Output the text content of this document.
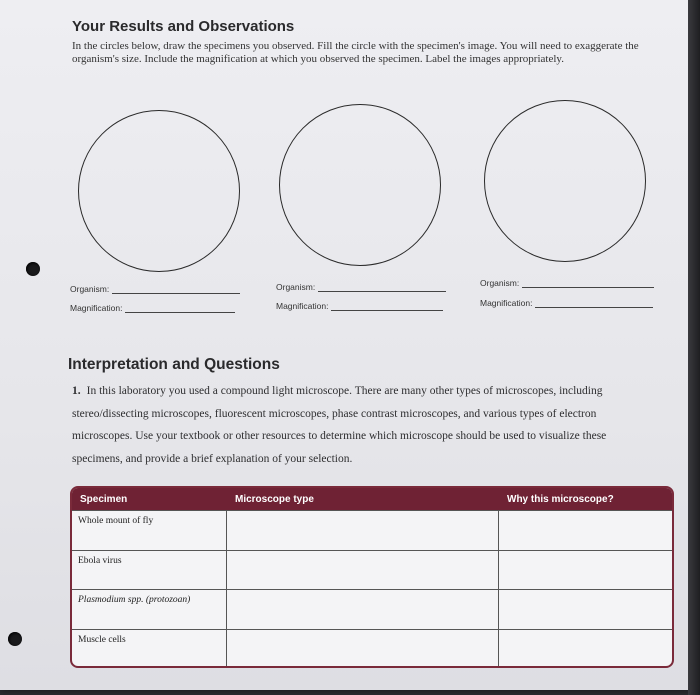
Your Results and Observations
In the circles below, draw the specimens you observed. Fill the circle with the specimen's image. You will need to exaggerate the organism's size. Include the magnification at which you observed the specimen. Label the images appropriately.
Organism:
Magnification:
Organism:
Magnification:
Organism:
Magnification:
Interpretation and Questions
1. In this laboratory you used a compound light microscope. There are many other types of microscopes, including stereo/dissecting microscopes, fluorescent microscopes, phase contrast microscopes, and various types of electron microscopes. Use your textbook or other resources to determine which microscope should be used to visualize these specimens, and provide a brief explanation of your selection.
Specimen	Microscope type	Why this microscope?
Whole mount of fly
Ebola virus
Plasmodium spp. (protozoan)
Muscle cells
